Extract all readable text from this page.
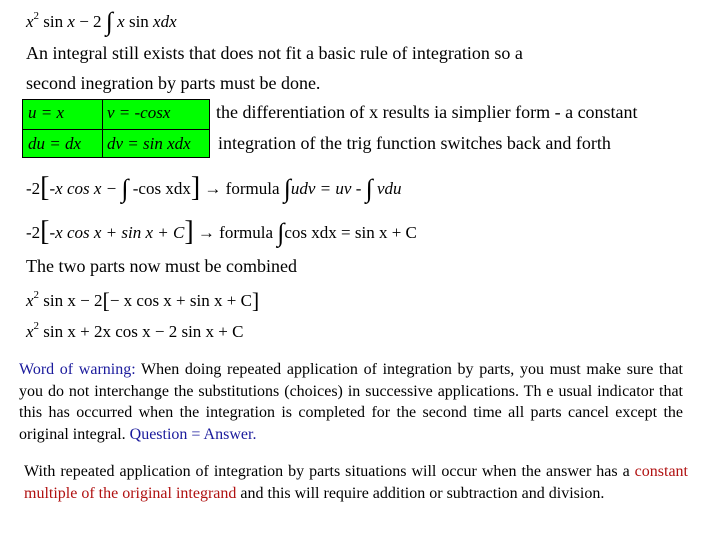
$x^2$ sin x − 2 ∫ x sin xdx
An integral still exists that does not fit a basic rule of integration so a
second inegration by parts must be done.
u = x	v = -cosx	the differentiation of x results ia simplier form - a constant
du = dx dv = sin xdx integration of the trig function switches back and forth
-2[-x cos x − ∫ -cos xdx] → formula ∫udv = uv - ∫ vdu
-2[-x cos x + sin x + C] → formula ∫cos xdx = sin x + C
The two parts now must be combined
$x^2$ sin x − 2[− x cos x + sin x + C]
$x^2$ sin x + 2x cos x − 2 sin x + C
Word of warning: When doing repeated application of integration by parts, you must make sure that you do not interchange the substitutions (choices) in successive applications. Th e usual indicator that this has occurred when the integration is completed for the second time all parts cancel except the original integral. Question = Answer.
With repeated application of integration by parts situations will occur when the answer has a constant multiple of the original integrand and this will require addition or subtraction and division.
